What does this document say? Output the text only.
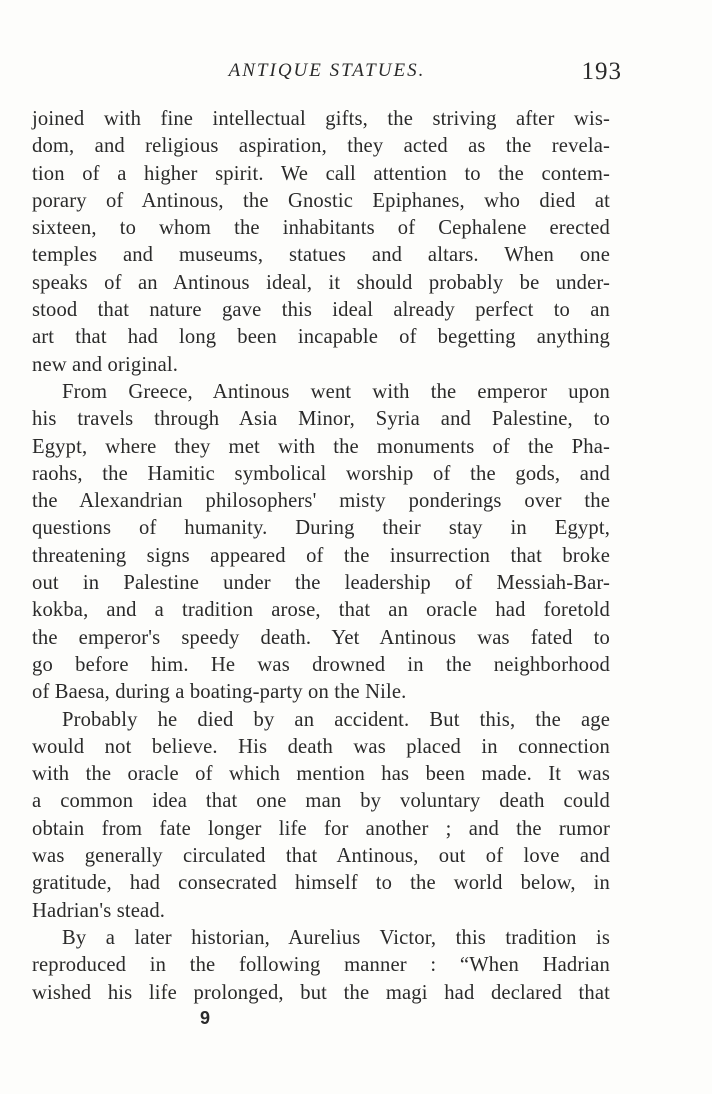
ANTIQUE STATUES.	193

joined with fine intellectual gifts, the striving after wis-

dom, and religious aspiration, they acted as the revela-

tion of a higher spirit. We call attention to the contem-

porary of Antinous, the Gnostic Epiphanes, who died at

sixteen, to whom the inhabitants of Cephalene erected

temples and museums, statues and altars. When one

speaks of an Antinous ideal, it should probably be under-

stood that nature gave this ideal already perfect to an

art that had long been incapable of begetting anything

new and original.

From Greece, Antinous went with the emperor upon

his travels through Asia Minor, Syria and Palestine, to

Egypt, where they met with the monuments of the Pha-

raohs, the Hamitic symbolical worship of the gods, and

the Alexandrian philosophers' misty ponderings over the

questions of humanity. During their stay in Egypt,

threatening signs appeared of the insurrection that broke

out in Palestine under the leadership of Messiah-Bar-

kokba, and a tradition arose, that an oracle had foretold

the emperor's speedy death. Yet Antinous was fated to

go before him. He was drowned in the neighborhood

of Baesa, during a boating-party on the Nile.

Probably he died by an accident. But this, the age

would not believe. His death was placed in connection

with the oracle of which mention has been made. It was

a common idea that one man by voluntary death could

obtain from fate longer life for another ; and the rumor

was generally circulated that Antinous, out of love and

gratitude, had consecrated himself to the world below, in

Hadrian's stead.

By a later historian, Aurelius Victor, this tradition is

reproduced in the following manner : “When Hadrian

wished his life prolonged, but the magi had declared that

9
